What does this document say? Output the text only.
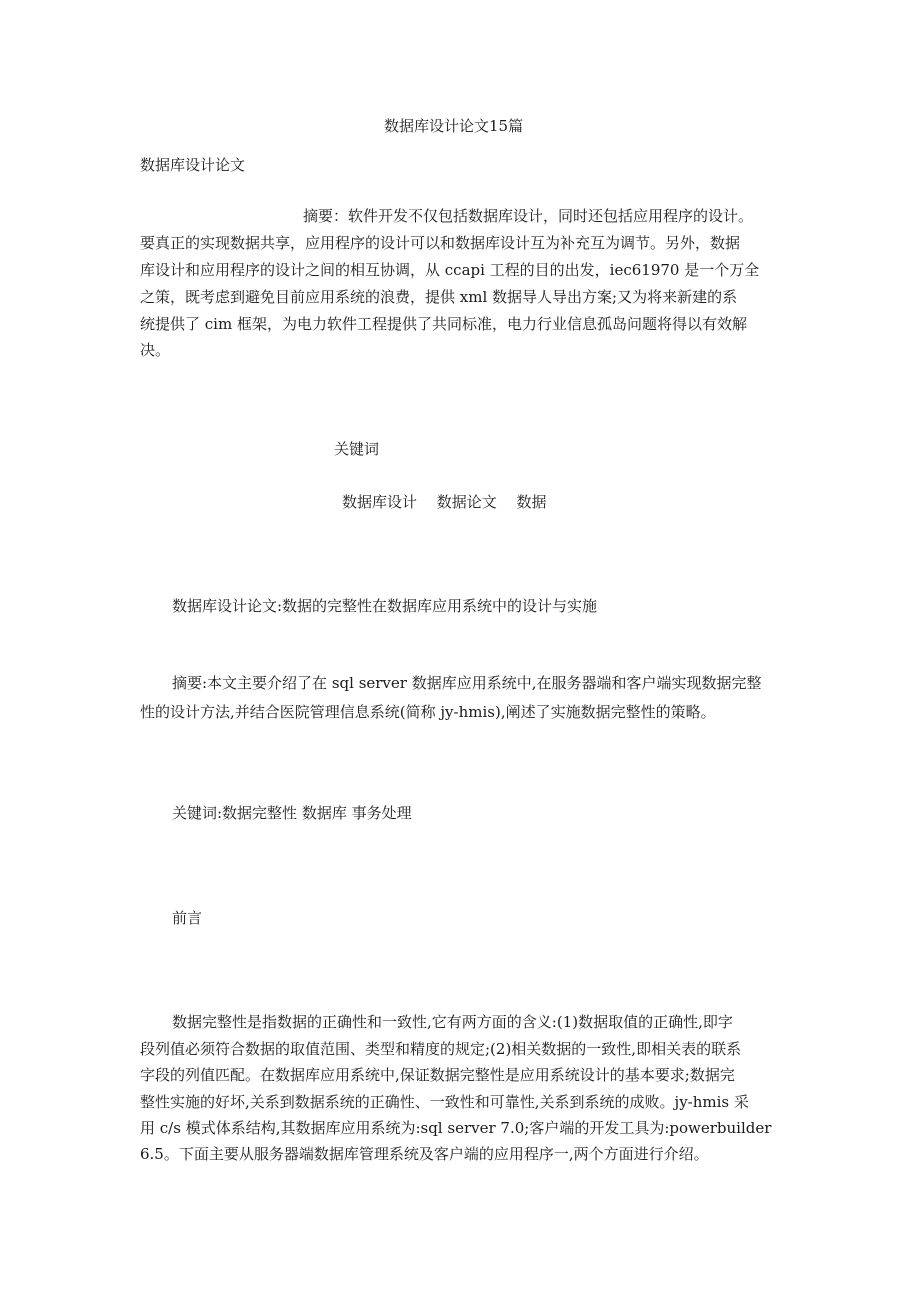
数据库设计论文15篇
数据库设计论文
摘要：软件开发不仅包括数据库设计，同时还包括应用程序的设计。
要真正的实现数据共享，应用程序的设计可以和数据库设计互为补充互为调节。另外，数据
库设计和应用程序的设计之间的相互协调，从 ccapi 工程的目的出发，iec61970 是一个万全
之策，既考虑到避免目前应用系统的浪费，提供 xml 数据导人导出方案;又为将来新建的系
统提供了 cim 框架，为电力软件工程提供了共同标准，电力行业信息孤岛问题将得以有效解
决。
关键词
数据库设计　 数据论文　 数据
数据库设计论文:数据的完整性在数据库应用系统中的设计与实施
摘要:本文主要介绍了在 sql server 数据库应用系统中,在服务器端和客户端实现数据完整
性的设计方法,并结合医院管理信息系统(简称 jy-hmis),阐述了实施数据完整性的策略。
关键词:数据完整性 数据库 事务处理
前言
数据完整性是指数据的正确性和一致性,它有两方面的含义:(1)数据取值的正确性,即字
段列值必须符合数据的取值范围、类型和精度的规定;(2)相关数据的一致性,即相关表的联系
字段的列值匹配。在数据库应用系统中,保证数据完整性是应用系统设计的基本要求;数据完
整性实施的好坏,关系到数据系统的正确性、一致性和可靠性,关系到系统的成败。jy-hmis 采
用 c/s 模式体系结构,其数据库应用系统为:sql server 7.0;客户端的开发工具为:powerbuilder
6.5。下面主要从服务器端数据库管理系统及客户端的应用程序一,两个方面进行介绍。
